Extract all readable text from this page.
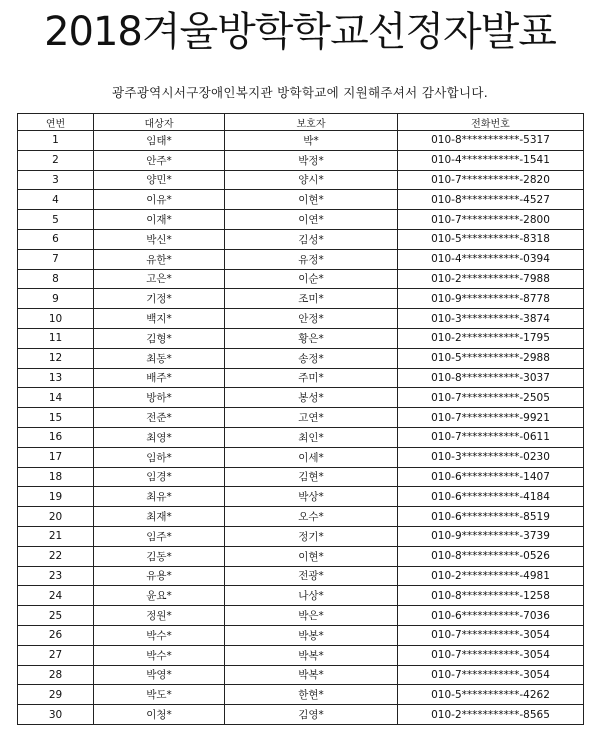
2018겨울방학학교선정자발표
광주광역시서구장애인복지관 방학학교에 지원해주셔서 감사합니다.
연번	대상자	보호자	전화번호
1	임태*	박*	010-8***********-5317
2	안주*	박정*	010-4***********-1541
3	양민*	양시*	010-7***********-2820
4	이유*	이현*	010-8***********-4527
5	이재*	이연*	010-7***********-2800
6	박신*	김성*	010-5***********-8318
7	유한*	유정*	010-4***********-0394
8	고은*	이순*	010-2***********-7988
9	기정*	조미*	010-9***********-8778
10	백지*	안정*	010-3***********-3874
11	김형*	황은*	010-2***********-1795
12	최동*	송정*	010-5***********-2988
13	배주*	주미*	010-8***********-3037
14	방하*	봉성*	010-7***********-2505
15	전준*	고연*	010-7***********-9921
16	최영*	최인*	010-7***********-0611
17	임하*	이세*	010-3***********-0230
18	임경*	김현*	010-6***********-1407
19	최유*	박상*	010-6***********-4184
20	최재*	오수*	010-6***********-8519
21	임주*	정기*	010-9***********-3739
22	김동*	이현*	010-8***********-0526
23	유용*	전광*	010-2***********-4981
24	윤요*	나상*	010-8***********-1258
25	정원*	박은*	010-6***********-7036
26	박수*	박봉*	010-7***********-3054
27	박수*	박복*	010-7***********-3054
28	박영*	박복*	010-7***********-3054
29	박도*	한현*	010-5***********-4262
30	이청*	김영*	010-2***********-8565
